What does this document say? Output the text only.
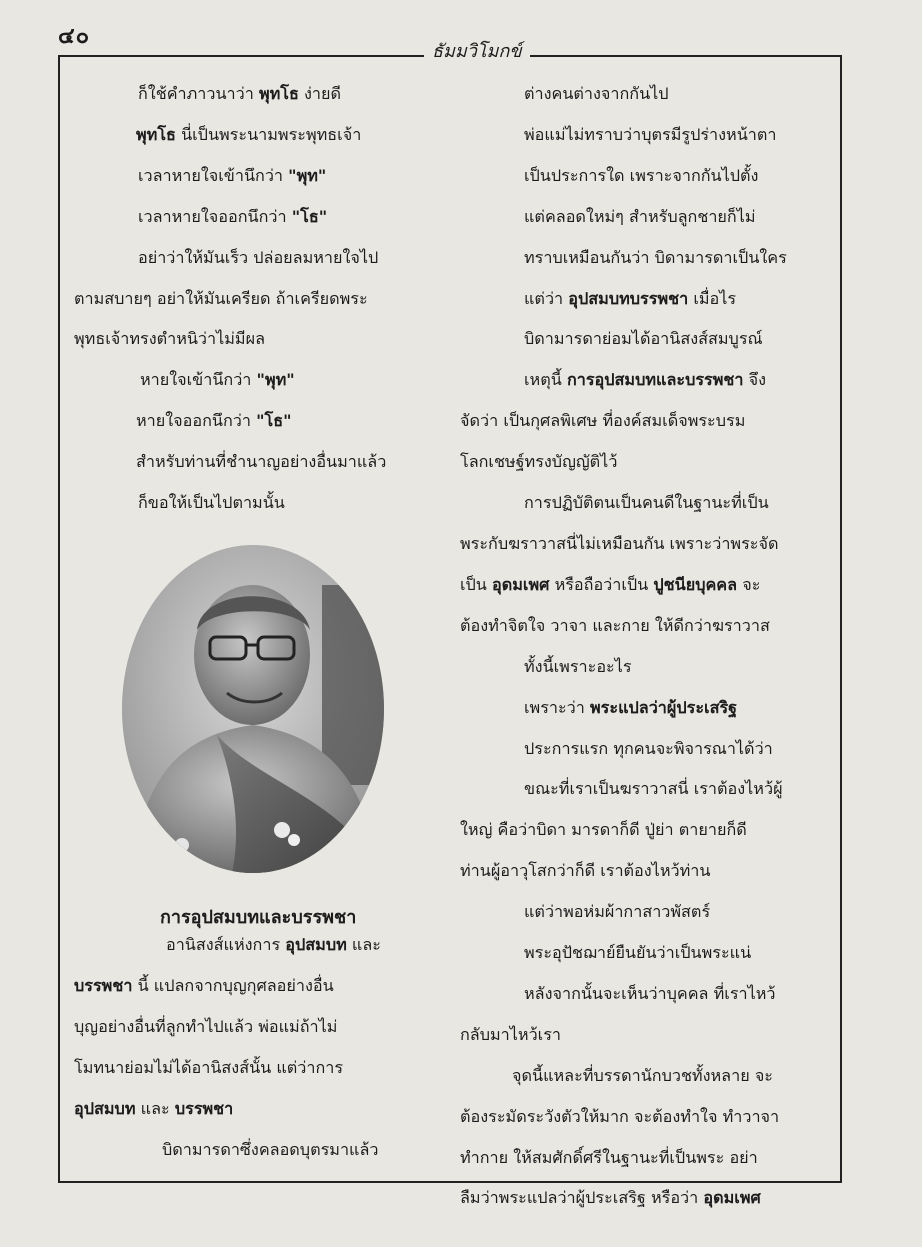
๔๐
ธัมมวิโมกข์
ก็ใช้คำภาวนาว่า พุทโธ ง่ายดี
พุทโธ นี่เป็นพระนามพระพุทธเจ้า
เวลาหายใจเข้านึกว่า "พุท"
เวลาหายใจออกนึกว่า "โธ"
อย่าว่าให้มันเร็ว ปล่อยลมหายใจไป
ตามสบายๆ อย่าให้มันเครียด ถ้าเครียดพระ
พุทธเจ้าทรงตำหนิว่าไม่มีผล
หายใจเข้านึกว่า "พุท"
หายใจออกนึกว่า "โธ"
สำหรับท่านที่ชำนาญอย่างอื่นมาแล้ว
ก็ขอให้เป็นไปตามนั้น
การอุปสมบทและบรรพชา
อานิสงส์แห่งการ อุปสมบท และ
บรรพชา นี้ แปลกจากบุญกุศลอย่างอื่น
บุญอย่างอื่นที่ลูกทำไปแล้ว พ่อแม่ถ้าไม่
โมทนาย่อมไม่ได้อานิสงส์นั้น แต่ว่าการ
อุปสมบท และ บรรพชา
บิดามารดาซึ่งคลอดบุตรมาแล้ว
ต่างคนต่างจากกันไป
พ่อแม่ไม่ทราบว่าบุตรมีรูปร่างหน้าตา
เป็นประการใด เพราะจากกันไปตั้ง
แต่คลอดใหม่ๆ สำหรับลูกชายก็ไม่
ทราบเหมือนกันว่า บิดามารดาเป็นใคร
แต่ว่า อุปสมบทบรรพชา เมื่อไร
บิดามารดาย่อมได้อานิสงส์สมบูรณ์
เหตุนี้ การอุปสมบทและบรรพชา จึง
จัดว่า เป็นกุศลพิเศษ ที่องค์สมเด็จพระบรม
โลกเชษฐ์ทรงบัญญัติไว้
การปฏิบัติตนเป็นคนดีในฐานะที่เป็น
พระกับฆราวาสนี่ไม่เหมือนกัน เพราะว่าพระจัด
เป็น อุดมเพศ หรือถือว่าเป็น ปูชนียบุคคล จะ
ต้องทำจิตใจ วาจา และกาย ให้ดีกว่าฆราวาส
ทั้งนี้เพราะอะไร
เพราะว่า พระแปลว่าผู้ประเสริฐ
ประการแรก ทุกคนจะพิจารณาได้ว่า
ขณะที่เราเป็นฆราวาสนี่ เราต้องไหว้ผู้
ใหญ่ คือว่าบิดา มารดาก็ดี ปู่ย่า ตายายก็ดี
ท่านผู้อาวุโสกว่าก็ดี เราต้องไหว้ท่าน
แต่ว่าพอห่มผ้ากาสาวพัสตร์
พระอุปัชฌาย์ยืนยันว่าเป็นพระแน่
หลังจากนั้นจะเห็นว่าบุคคล ที่เราไหว้
กลับมาไหว้เรา
จุดนี้แหละที่บรรดานักบวชทั้งหลาย จะ
ต้องระมัดระวังตัวให้มาก จะต้องทำใจ ทำวาจา
ทำกาย ให้สมศักดิ์ศรีในฐานะที่เป็นพระ อย่า
ลืมว่าพระแปลว่าผู้ประเสริฐ หรือว่า อุดมเพศ
